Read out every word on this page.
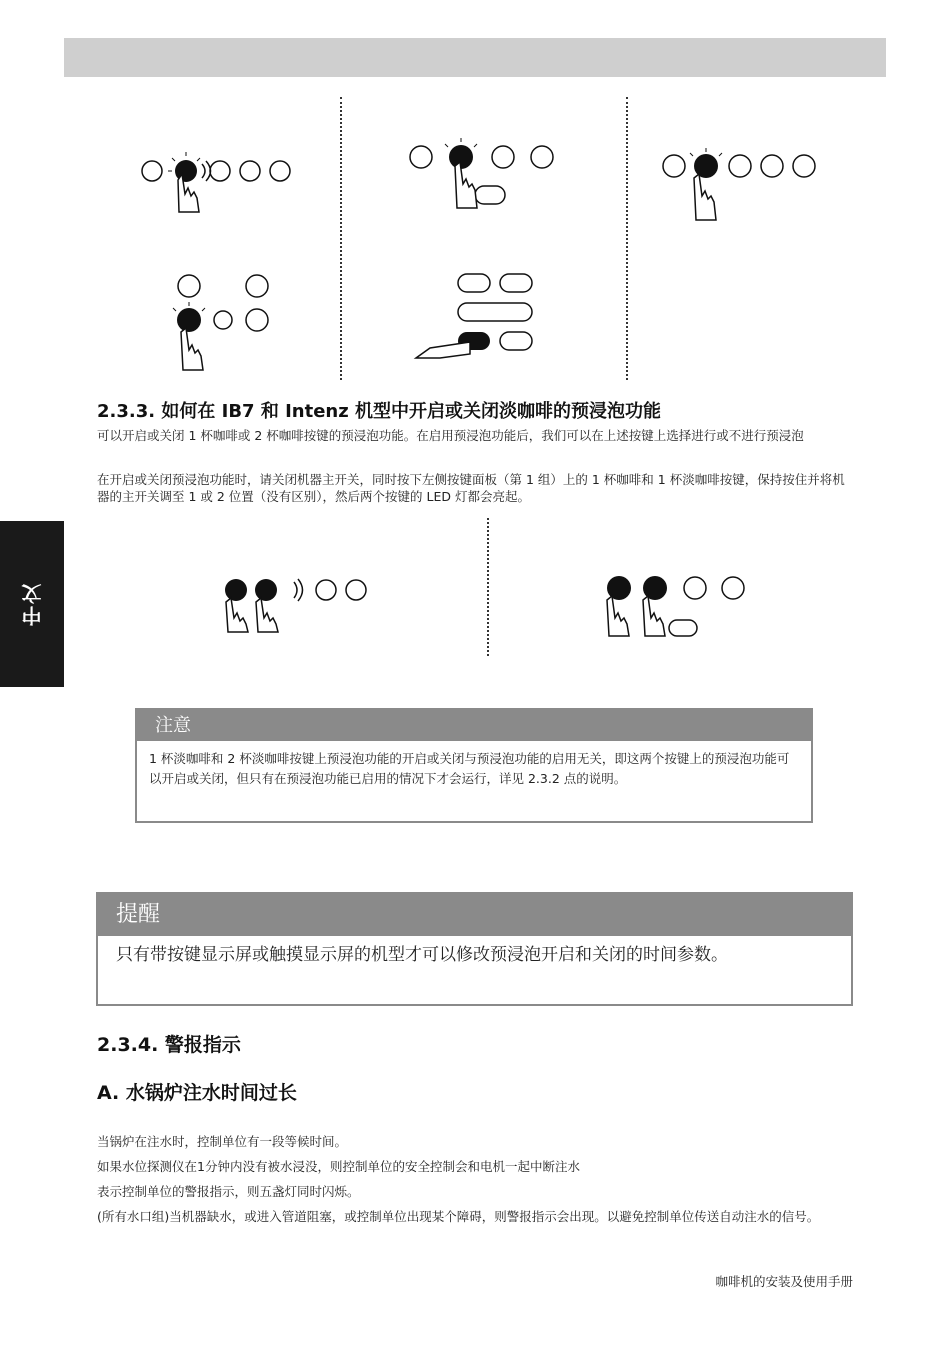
中文
2.3.3. 如何在 IB7 和 Intenz 机型中开启或关闭淡咖啡的预浸泡功能

可以开启或关闭 1 杯咖啡或 2 杯咖啡按键的预浸泡功能。在启用预浸泡功能后，我们可以在上述按键上选择进行或不进行预浸泡

在开启或关闭预浸泡功能时，请关闭机器主开关，同时按下左侧按键面板（第 1 组）上的 1 杯咖啡和 1 杯淡咖啡按键，保持按住并将机器的主开关调至 1 或 2 位置（没有区别），然后两个按键的 LED 灯都会亮起。

注意
1 杯淡咖啡和 2 杯淡咖啡按键上预浸泡功能的开启或关闭与预浸泡功能的启用无关，即这两个按键上的预浸泡功能可以开启或关闭，但只有在预浸泡功能已启用的情况下才会运行，详见 2.3.2 点的说明。
提醒
只有带按键显示屏或触摸显示屏的机型才可以修改预浸泡开启和关闭的时间参数。
2.3.4. 警报指示
A. 水锅炉注水时间过长

当锅炉在注水时，控制单位有一段等候时间。

如果水位探测仪在1分钟内没有被水浸没，则控制单位的安全控制会和电机一起中断注水

表示控制单位的警报指示，则五盏灯同时闪烁。

(所有水口组)当机器缺水，或进入管道阻塞，或控制单位出现某个障碍，则警报指示会出现。以避免控制单位传送自动注水的信号。

咖啡机的安装及使用手册
